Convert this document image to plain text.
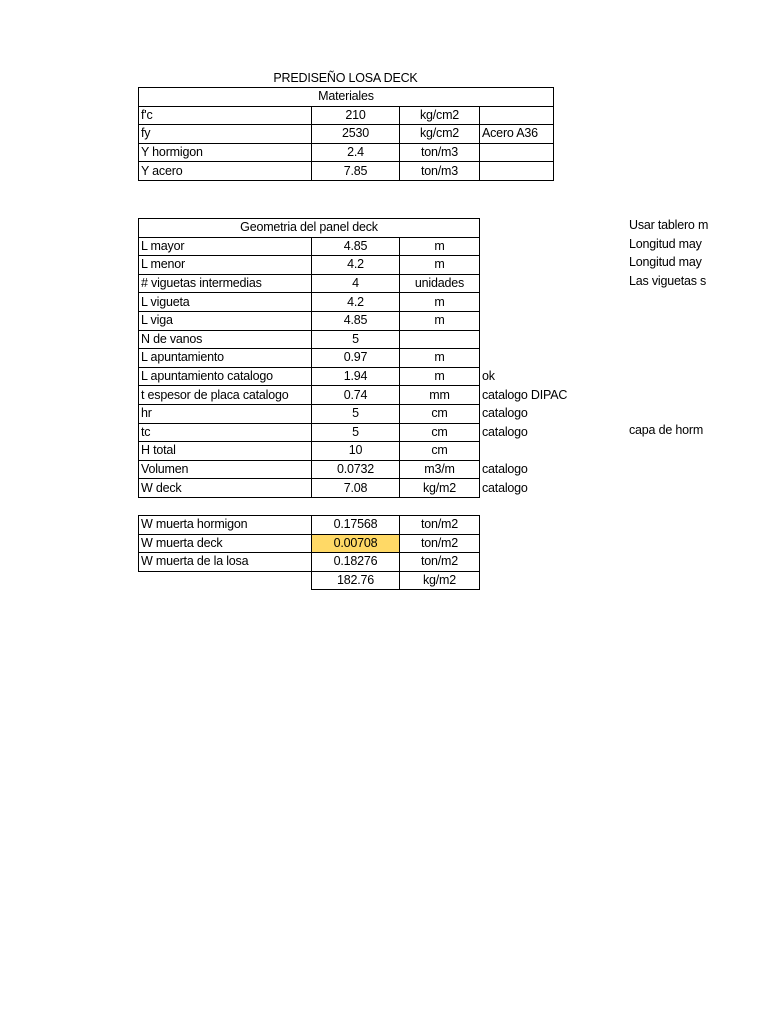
PREDISEÑO LOSA DECK
Materiales			
f'c	210	kg/cm2	
fy	2530	kg/cm2	Acero A36
Υ hormigon	2.4	ton/m3	
Υ acero	7.85	ton/m3	
Geometria del panel deck			
L mayor	4.85	m	
L menor	4.2	m	
# viguetas intermedias	4	unidades	
L vigueta	4.2	m	
L viga	4.85	m	
N de vanos	5		
L apuntamiento	0.97	m	
L apuntamiento catalogo	1.94	m	ok
t espesor de placa catalogo	0.74	mm	catalogo DIPAC
hr	5	cm	catalogo
tc	5	cm	catalogo
H total	10	cm	
Volumen	0.0732	m3/m	catalogo
W deck	7.08	kg/m2	catalogo
Usar tablero m
Longitud may
Longitud may
Las viguetas s
capa de horm
W muerta hormigon	0.17568	ton/m2
W muerta deck	0.00708	ton/m2
W muerta de la losa	0.18276	ton/m2
	182.76	kg/m2
